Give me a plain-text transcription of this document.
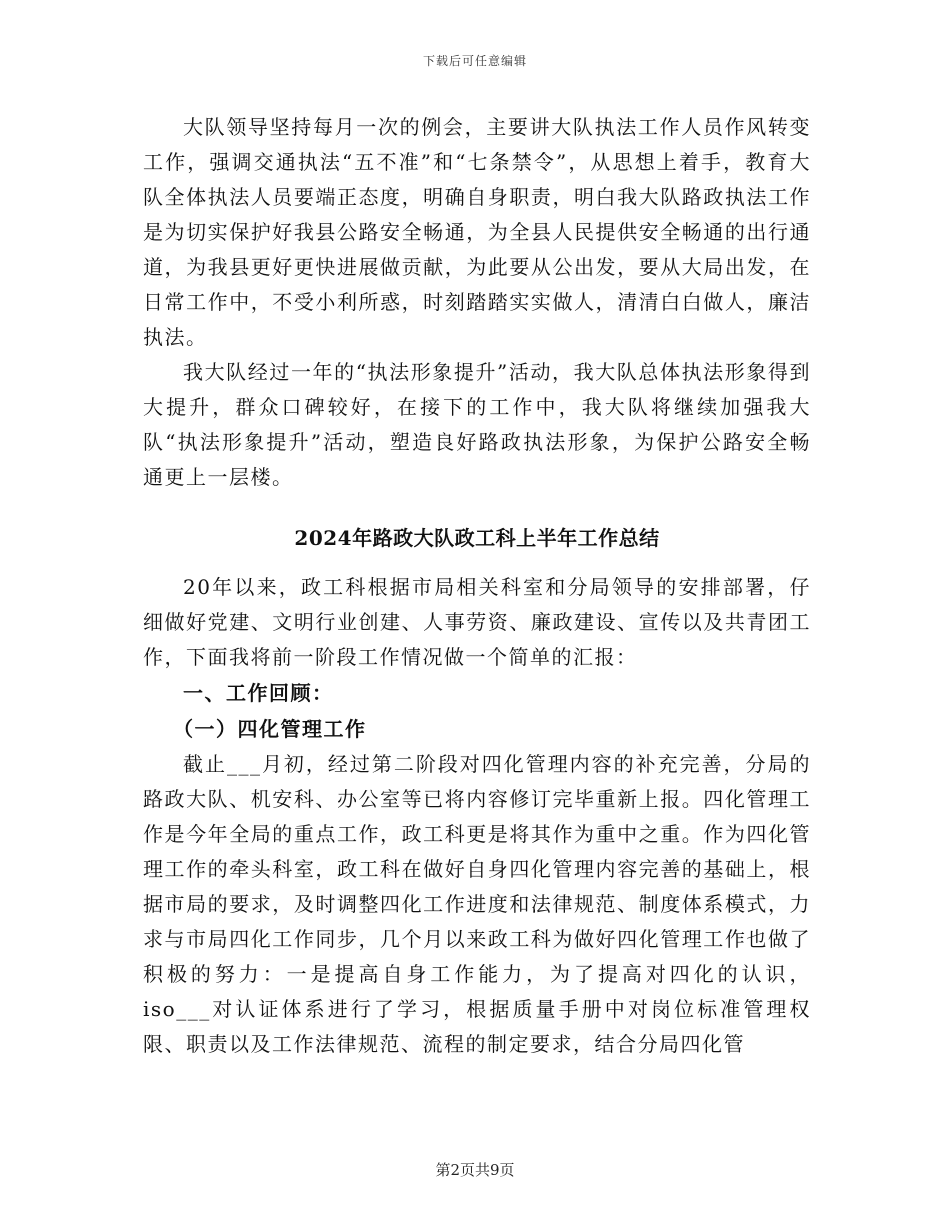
下载后可任意编辑

大队领导坚持每月一次的例会，主要讲大队执法工作人员作风转变工作，强调交通执法“五不准”和“七条禁令”，从思想上着手，教育大队全体执法人员要端正态度，明确自身职责，明白我大队路政执法工作是为切实保护好我县公路安全畅通，为全县人民提供安全畅通的出行通道，为我县更好更快进展做贡献，为此要从公出发，要从大局出发，在日常工作中，不受小利所惑，时刻踏踏实实做人，清清白白做人，廉洁执法。

我大队经过一年的“执法形象提升”活动，我大队总体执法形象得到大提升，群众口碑较好，在接下的工作中，我大队将继续加强我大队“执法形象提升”活动，塑造良好路政执法形象，为保护公路安全畅通更上一层楼。

2024年路政大队政工科上半年工作总结

20年以来，政工科根据市局相关科室和分局领导的安排部署，仔细做好党建、文明行业创建、人事劳资、廉政建设、宣传以及共青团工作，下面我将前一阶段工作情况做一个简单的汇报：

一、工作回顾：

（一）四化管理工作

截止___月初，经过第二阶段对四化管理内容的补充完善，分局的路政大队、机安科、办公室等已将内容修订完毕重新上报。四化管理工作是今年全局的重点工作，政工科更是将其作为重中之重。作为四化管理工作的牵头科室，政工科在做好自身四化管理内容完善的基础上，根据市局的要求，及时调整四化工作进度和法律规范、制度体系模式，力求与市局四化工作同步，几个月以来政工科为做好四化管理工作也做了积极的努力：一是提高自身工作能力，为了提高对四化的认识，iso___对认证体系进行了学习，根据质量手册中对岗位标准管理权限、职责以及工作法律规范、流程的制定要求，结合分局四化管

第2页共9页
